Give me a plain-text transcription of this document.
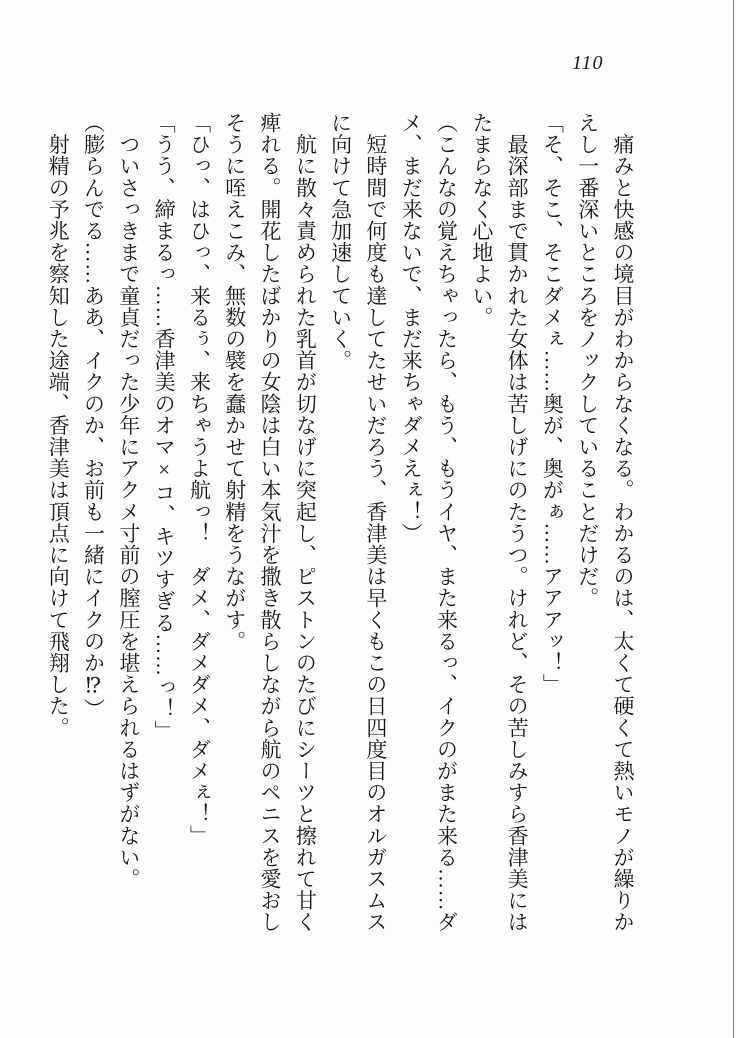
110

　痛みと快感の境目がわからなくなる。わかるのは、太くて硬くて熱いモノが繰りか
えし一番深いところをノックしていることだけだ。

「そ、そこ、そこダメぇ……奥が、奥がぁ……アアアッ！」

　最深部まで貫かれた女体は苦しげにのたうつ。けれど、その苦しみすら香津美には
たまらなく心地よい。

（こんなの覚えちゃったら、もう、もうイヤ、また来るっ、イクのがまた来る……ダ
メ、まだ来ないで、まだ来ちゃダメえぇ！）

　短時間で何度も達してたせいだろう、香津美は早くもこの日四度目のオルガスムス
に向けて急加速していく。

　航に散々責められた乳首が切なげに突起し、ピストンのたびにシーツと擦れて甘く
痺れる。開花したばかりの女陰は白い本気汁を撒き散らしながら航のペニスを愛おし
そうに咥えこみ、無数の襞を蠢かせて射精をうながす。

「ひっ、はひっ、来るぅ、来ちゃうよ航っ！　ダメ、ダメダメ、ダメぇ！」

「うう、締まるっ……香津美のオマ×コ、キツすぎる……っ！」

　ついさっきまで童貞だった少年にアクメ寸前の膣圧を堪えられるはずがない。

（膨らんでる……ああ、イクのか、お前も一緒にイクのか⁉）

　射精の予兆を察知した途端、香津美は頂点に向けて飛翔した。
